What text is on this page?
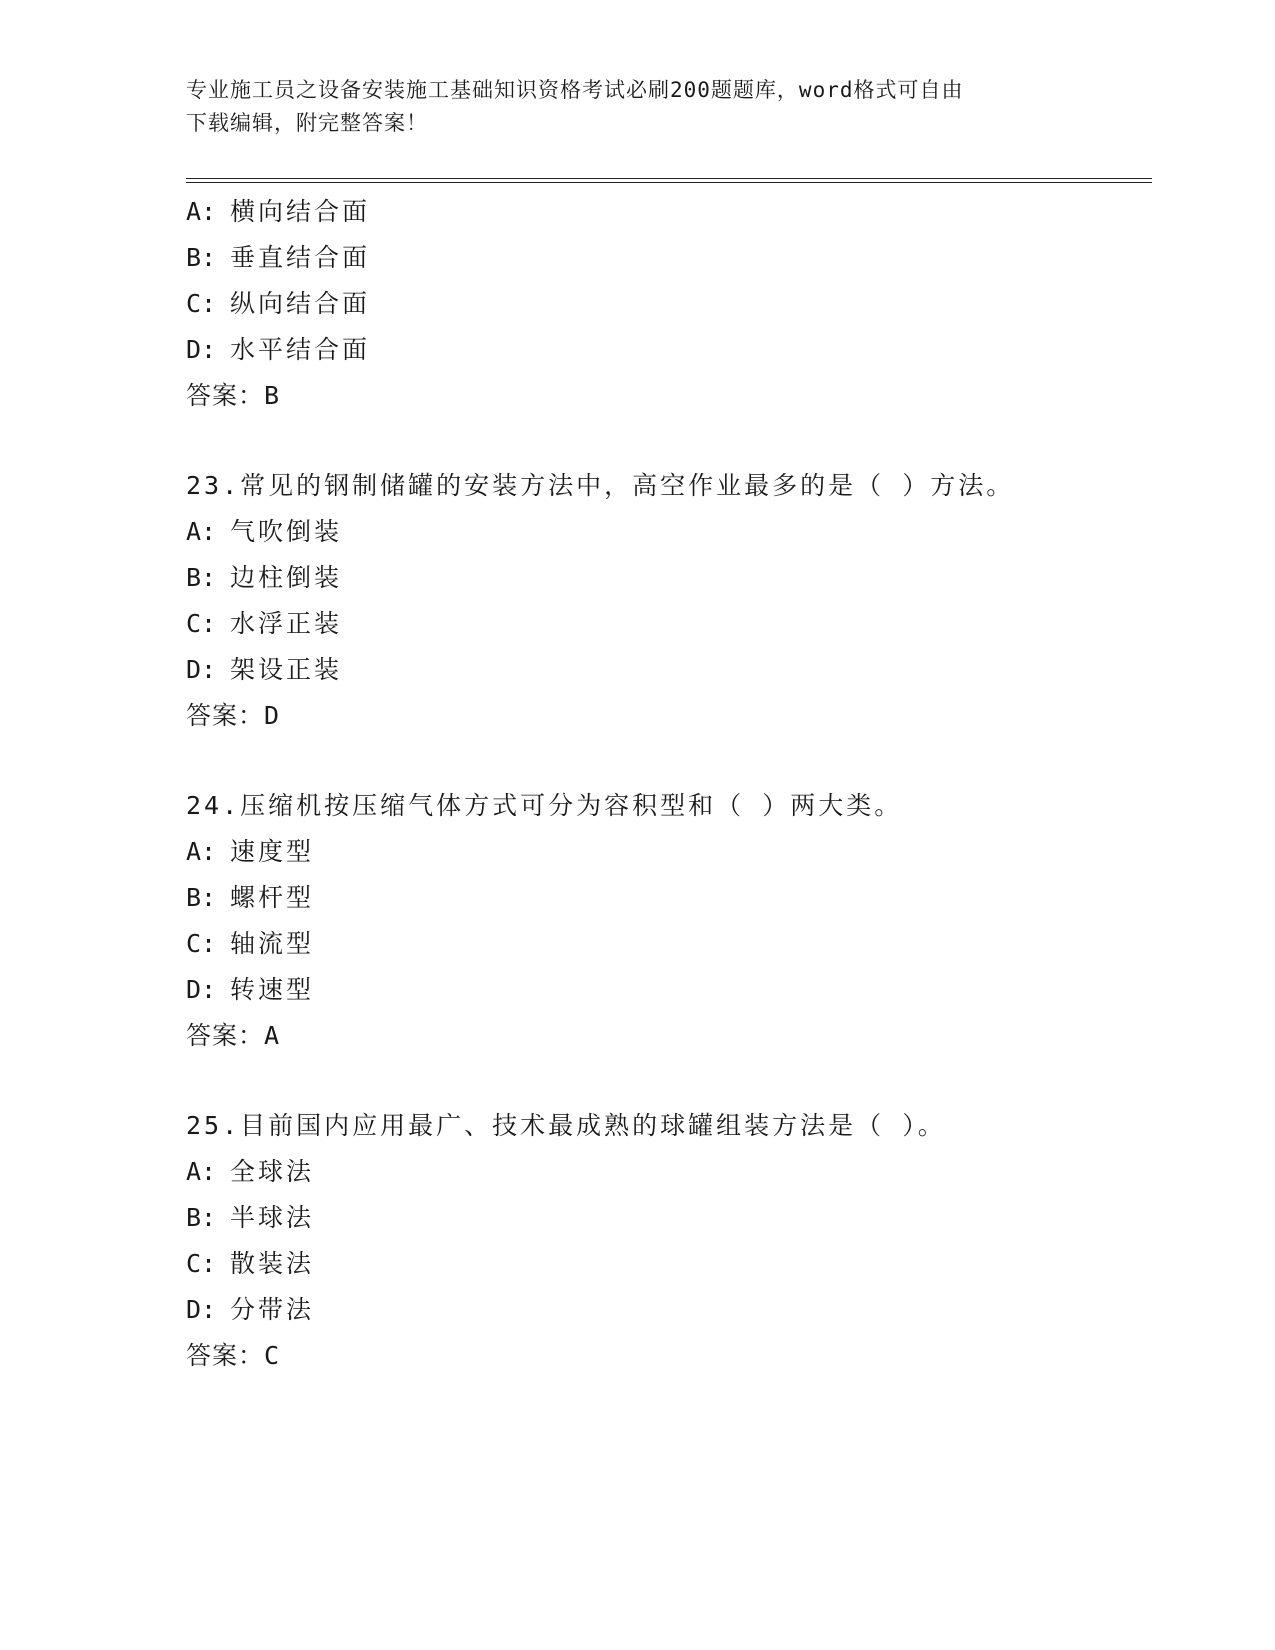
专业施工员之设备安装施工基础知识资格考试必刷200题题库，word格式可自由
下载编辑，附完整答案！
A: 横向结合面
B: 垂直结合面
C: 纵向结合面
D: 水平结合面
答案：B
23.常见的钢制储罐的安装方法中，高空作业最多的是（ ）方法。
A: 气吹倒装
B: 边柱倒装
C: 水浮正装
D: 架设正装
答案：D
24.压缩机按压缩气体方式可分为容积型和（ ）两大类。
A: 速度型
B: 螺杆型
C: 轴流型
D: 转速型
答案：A
25.目前国内应用最广、技术最成熟的球罐组装方法是（ ）。
A: 全球法
B: 半球法
C: 散装法
D: 分带法
答案：C
